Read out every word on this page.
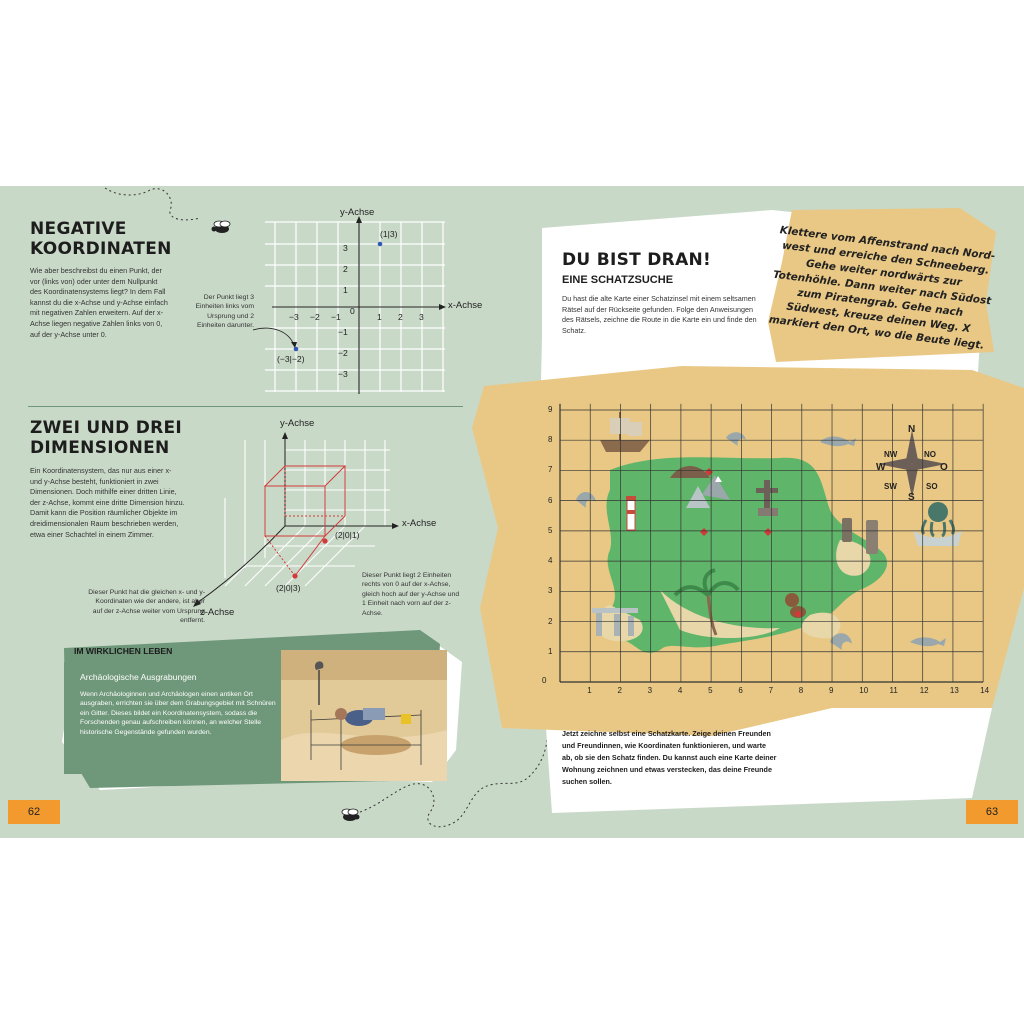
NEGATIVE
KOORDINATEN
Wie aber beschreibst du einen Punkt, der vor (links von) oder unter dem Nullpunkt des Koordinatensystems liegt? In dem Fall kannst du die x-Achse und y-Achse einfach mit negativen Zahlen erweitern. Auf der x-Achse liegen negative Zahlen links von 0, auf der y-Achse unter 0.
y-Achse
x-Achse
−3 −2 −1
0
1 2 3
3
2
1
−1
−2
−3
(1|3)
(−3|−2)
Der Punkt liegt 3 Einheiten links vom Ursprung und 2 Einheiten darunter.
ZWEI UND DREI
DIMENSIONEN
Ein Koordinatensystem, das nur aus einer x- und y-Achse besteht, funktioniert in zwei Dimensionen. Doch mithilfe einer dritten Linie, der z-Achse, kommt eine dritte Dimension hinzu. Damit kann die Position räumlicher Objekte im dreidimensionalen Raum beschrieben werden, etwa einer Schachtel in einem Zimmer.
y-Achse
x-Achse
z-Achse
(2|0|1)
(2|0|3)
Dieser Punkt hat die gleichen x- und y-Koordinaten wie der andere, ist aber auf der z-Achse weiter vom Ursprung entfernt.
Dieser Punkt liegt 2 Einheiten rechts von 0 auf der x-Achse, gleich hoch auf der y-Achse und 1 Einheit nach vorn auf der z-Achse.
IM WIRKLICHEN LEBEN
Archäologische Ausgrabungen
Wenn Archäologinnen und Archäologen einen antiken Ort ausgraben, errichten sie über dem Grabungsgebiet mit Schnüren ein Gitter. Dieses bildet ein Koordinatensystem, sodass die Forschenden genau aufschreiben können, an welcher Stelle historische Gegenstände gefunden wurden.
62
Klettere vom Affenstrand nach Nord-west und erreiche den Schneeberg. Gehe weiter nordwärts zur Totenhöhle. Dann weiter nach Südost zum Piratengrab. Gehe nach Südwest, kreuze deinen Weg. X markiert den Ort, wo die Beute liegt.
DU BIST DRAN!
EINE SCHATZSUCHE
Du hast die alte Karte einer Schatzinsel mit einem seltsamen Rätsel auf der Rückseite gefunden. Folge den Anweisungen des Rätsels, zeichne die Route in die Karte ein und finde den Schatz.
0
1	2	3	4	5	6	7	8	9	10	11	12	13	14
1
2
3
4
5
6
7
8
9
N
S
W	O
NW	NO
SW	SO
Jetzt zeichne selbst eine Schatzkarte. Zeige deinen Freunden und Freundinnen, wie Koordinaten funktionieren, und warte ab, ob sie den Schatz finden. Du kannst auch eine Karte deiner Wohnung zeichnen und etwas verstecken, das deine Freunde suchen sollen.
63
